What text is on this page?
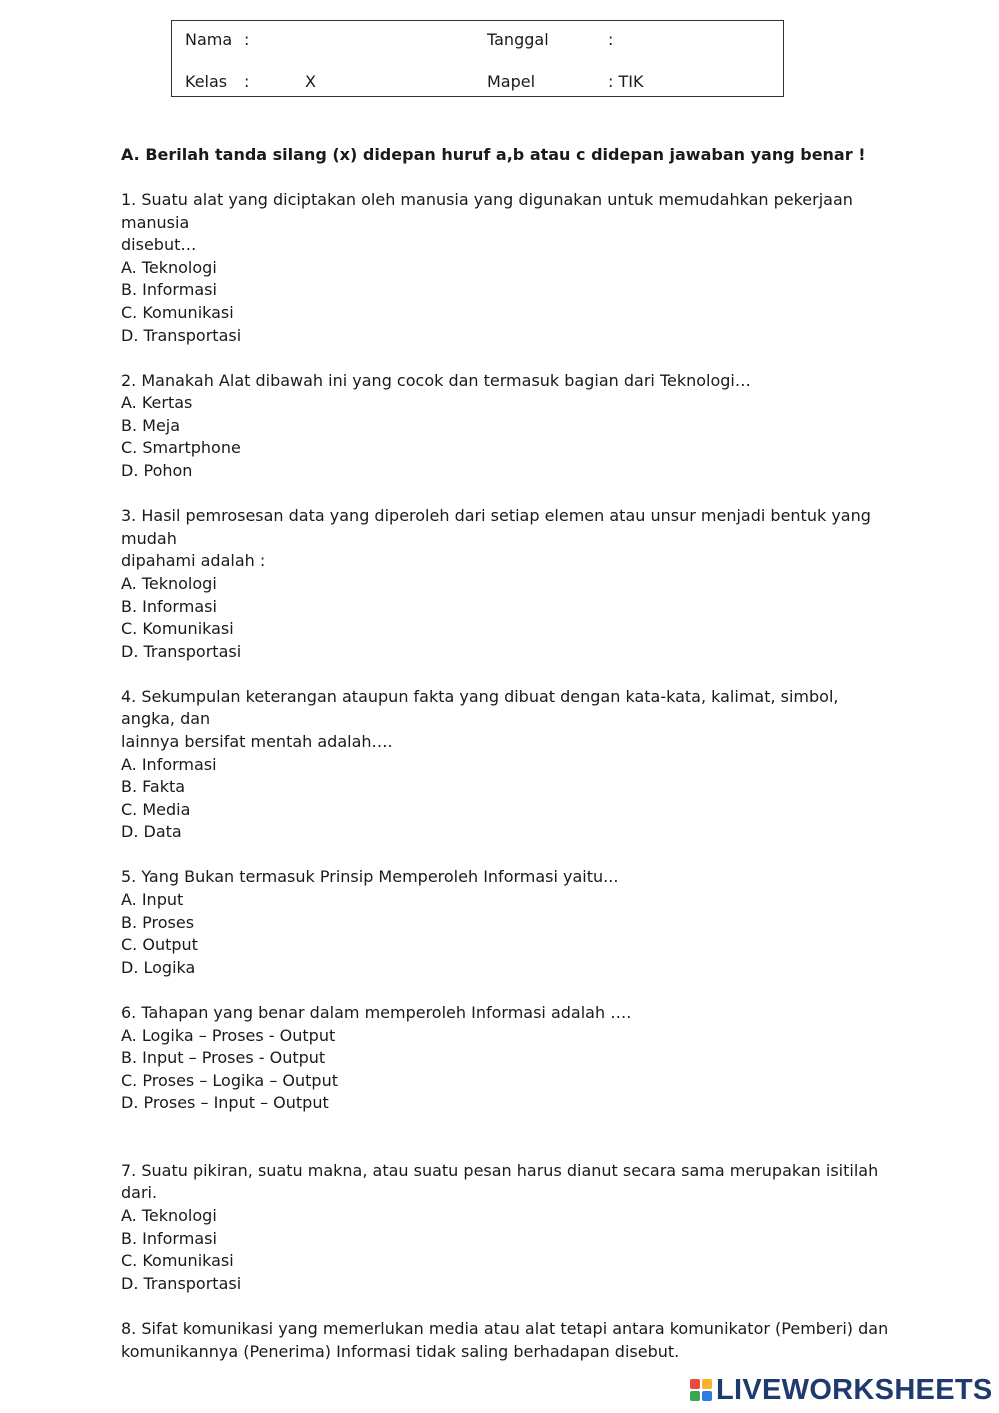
Nama :	Tanggal	:
Kelas :	X	Mapel	: TIK
A. Berilah tanda silang (x) didepan huruf a,b atau c didepan jawaban yang benar !

1. Suatu alat yang diciptakan oleh manusia yang digunakan untuk memudahkan pekerjaan manusia

disebut…

A. Teknologi

B. Informasi

C. Komunikasi

D. Transportasi

2. Manakah Alat dibawah ini yang cocok dan termasuk bagian dari Teknologi…

A. Kertas

B. Meja

C. Smartphone

D. Pohon

3. Hasil pemrosesan data yang diperoleh dari setiap elemen atau unsur menjadi bentuk yang mudah

dipahami adalah :

A. Teknologi

B. Informasi

C. Komunikasi

D. Transportasi

4. Sekumpulan keterangan ataupun fakta yang dibuat dengan kata-kata, kalimat, simbol, angka, dan

lainnya bersifat mentah adalah….

A. Informasi

B. Fakta

C. Media

D. Data

5. Yang Bukan termasuk Prinsip Memperoleh Informasi yaitu...

A. Input

B. Proses

C. Output

D. Logika

6. Tahapan yang benar dalam memperoleh Informasi adalah ….

A. Logika – Proses - Output

B. Input – Proses - Output

C. Proses – Logika – Output

D. Proses – Input – Output

7. Suatu pikiran, suatu makna, atau suatu pesan harus dianut secara sama merupakan isitilah dari.

A. Teknologi

B. Informasi

C. Komunikasi

D. Transportasi

8. Sifat komunikasi yang memerlukan media atau alat tetapi antara komunikator (Pemberi) dan

komunikannya (Penerima) Informasi tidak saling berhadapan disebut.

LIVEWORKSHEETS
